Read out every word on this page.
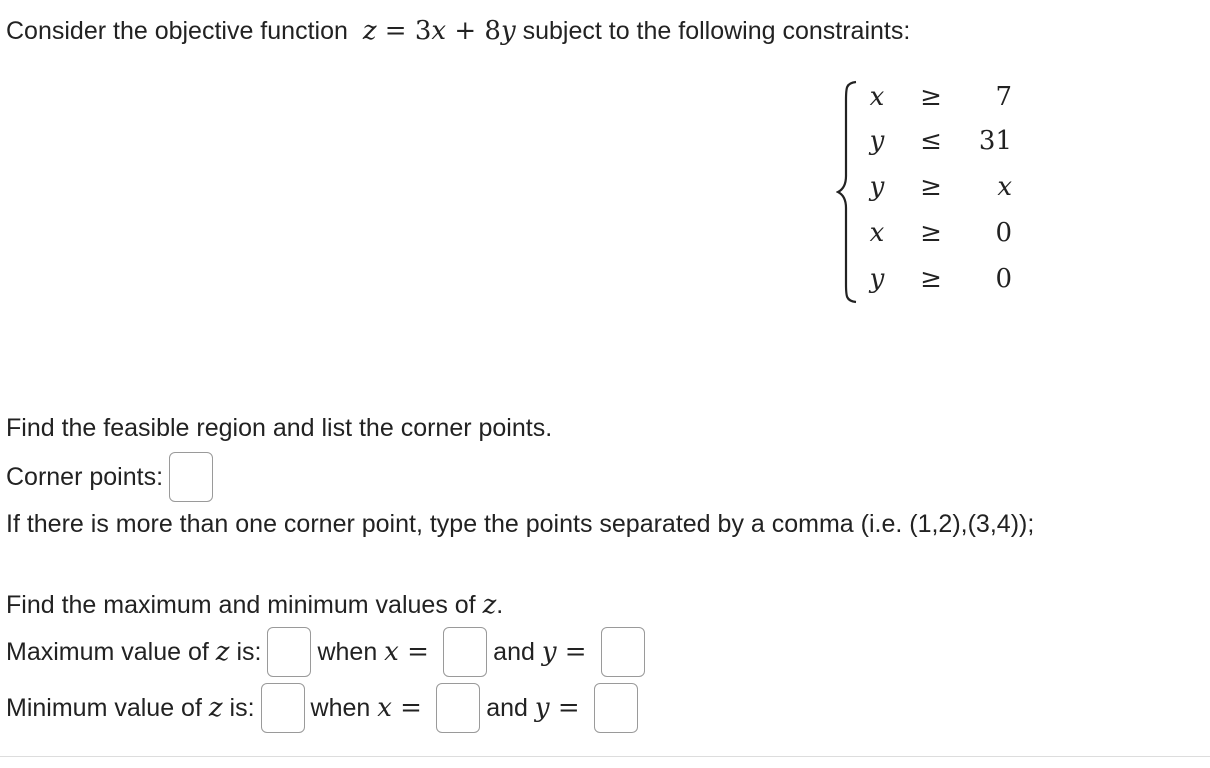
Consider the objective function z = 3 x + 8 y subject to the following constraints:
x ≥	7
y ≤	31
y ≥	x
x ≥	0
y ≥	0
Find the feasible region and list the corner points.
Corner points:
If there is more than one corner point, type the points separated by a comma (i.e. (1,2),(3,4));
Find the maximum and minimum values of z .
Maximum value of z is: when x = and y =
Minimum value of z is: when x = and y =
